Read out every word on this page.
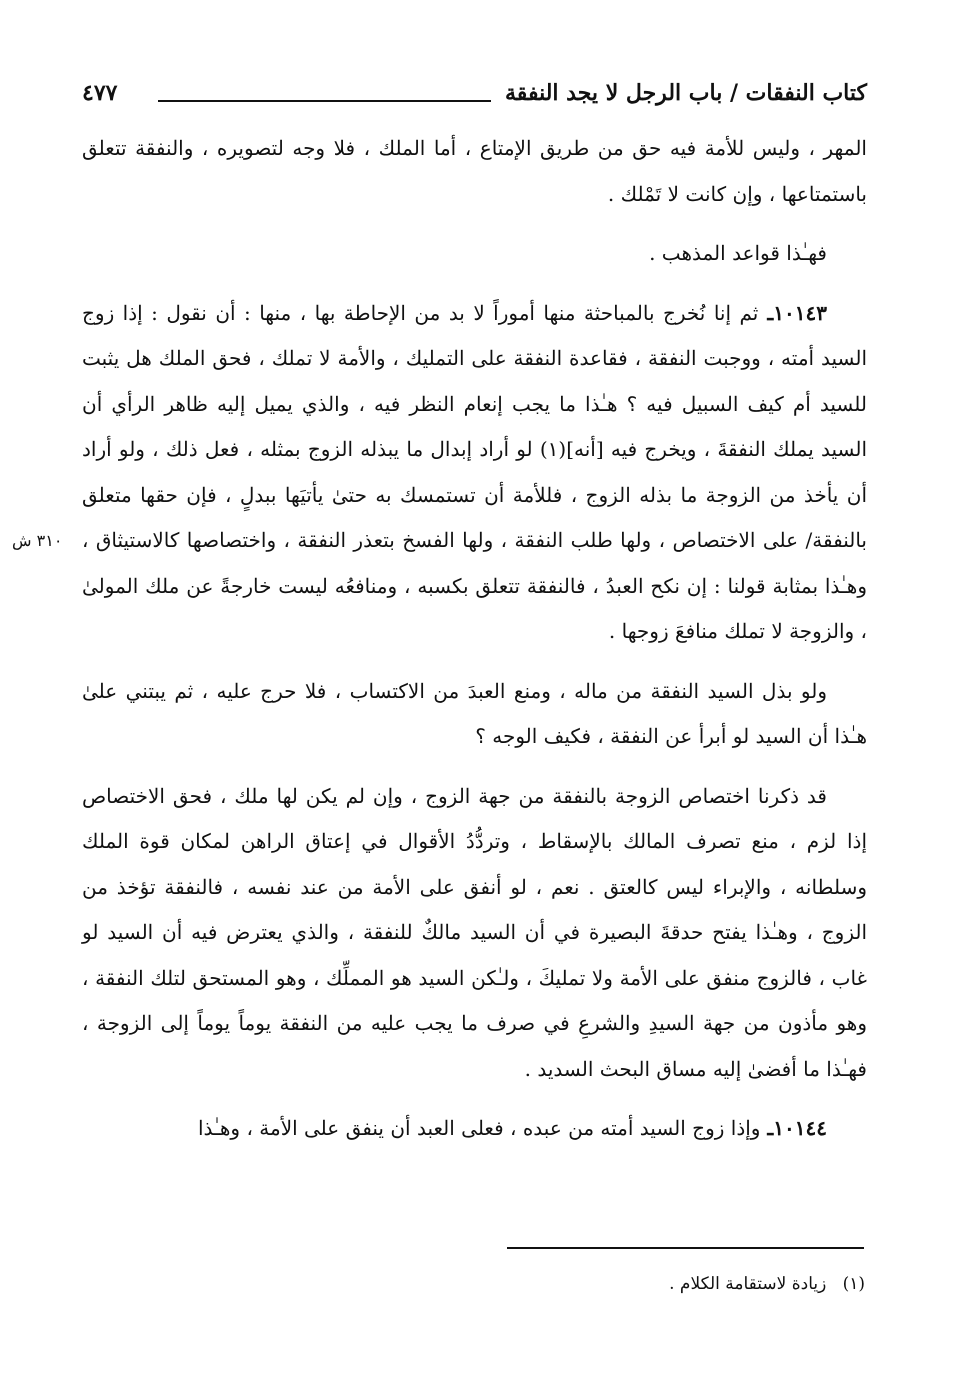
كتاب النفقات / باب الرجل لا يجد النفقة
٤٧٧

المهر ، وليس للأمة فيه حق من طريق الإمتاع ، أما الملك ، فلا وجه لتصويره ، والنفقة تتعلق باستمتاعها ، وإن كانت لا تَمْلك .

فهـٰذا قواعد المذهب .

١٠١٤٣ـ ثم إنا نُخرج بالمباحثة منها أموراً لا بد من الإحاطة بها ، منها : أن نقول : إذا زوج السيد أمته ، ووجبت النفقة ، فقاعدة النفقة على التمليك ، والأمة لا تملك ، فحق الملك هل يثبت للسيد أم كيف السبيل فيه ؟ هـٰذا ما يجب إنعام النظر فيه ، والذي يميل إليه ظاهر الرأي أن السيد يملك النفقةَ ، ويخرج فيه [أنه](١) لو أراد إبدال ما يبذله الزوج بمثله ، فعل ذلك ، ولو أراد أن يأخذ من الزوجة ما بذله الزوج ، فللأمة أن تستمسك به حتىٰ يأتيَها ببدلٍ ، فإن حقها متعلق بالنفقة/ على الاختصاص ، ولها طلب النفقة ، ولها الفسخ بتعذر النفقة ، واختصاصها كالاستيثاق ، وهـٰذا بمثابة قولنا : إن نكح العبدُ ، فالنفقة تتعلق بكسبه ، ومنافعُه ليست خارجةً عن ملك المولىٰ ، والزوجة لا تملك منافعَ زوجها .

ولو بذل السيد النفقة من ماله ، ومنع العبدَ من الاكتساب ، فلا حرج عليه ، ثم يبتني علىٰ هـٰذا أن السيد لو أبرأ عن النفقة ، فكيف الوجه ؟

قد ذكرنا اختصاص الزوجة بالنفقة من جهة الزوج ، وإن لم يكن لها ملك ، فحق الاختصاص إذا لزم ، منع تصرف المالك بالإسقاط ، وتردُّدُ الأقوال في إعتاق الراهن لمكان قوة الملك وسلطانه ، والإبراء ليس كالعتق . نعم ، لو أنفق على الأمة من عند نفسه ، فالنفقة تؤخذ من الزوج ، وهـٰذا يفتح حدقةَ البصيرة في أن السيد مالكٌ للنفقة ، والذي يعترض فيه أن السيد لو غاب ، فالزوج منفق على الأمة ولا تمليكَ ، ولـٰكن السيد هو المملِّك ، وهو المستحق لتلك النفقة ، وهو مأذون من جهة السيدِ والشرعِ في صرف ما يجب عليه من النفقة يوماً يوماً إلى الزوجة ، فهـٰذا ما أفضىٰ إليه مساق البحث السديد .

١٠١٤٤ـ وإذا زوج السيد أمته من عبده ، فعلى العبد أن ينفق على الأمة ، وهـٰذا

٣١٠ ش
(١)   زيادة لاستقامة الكلام .
